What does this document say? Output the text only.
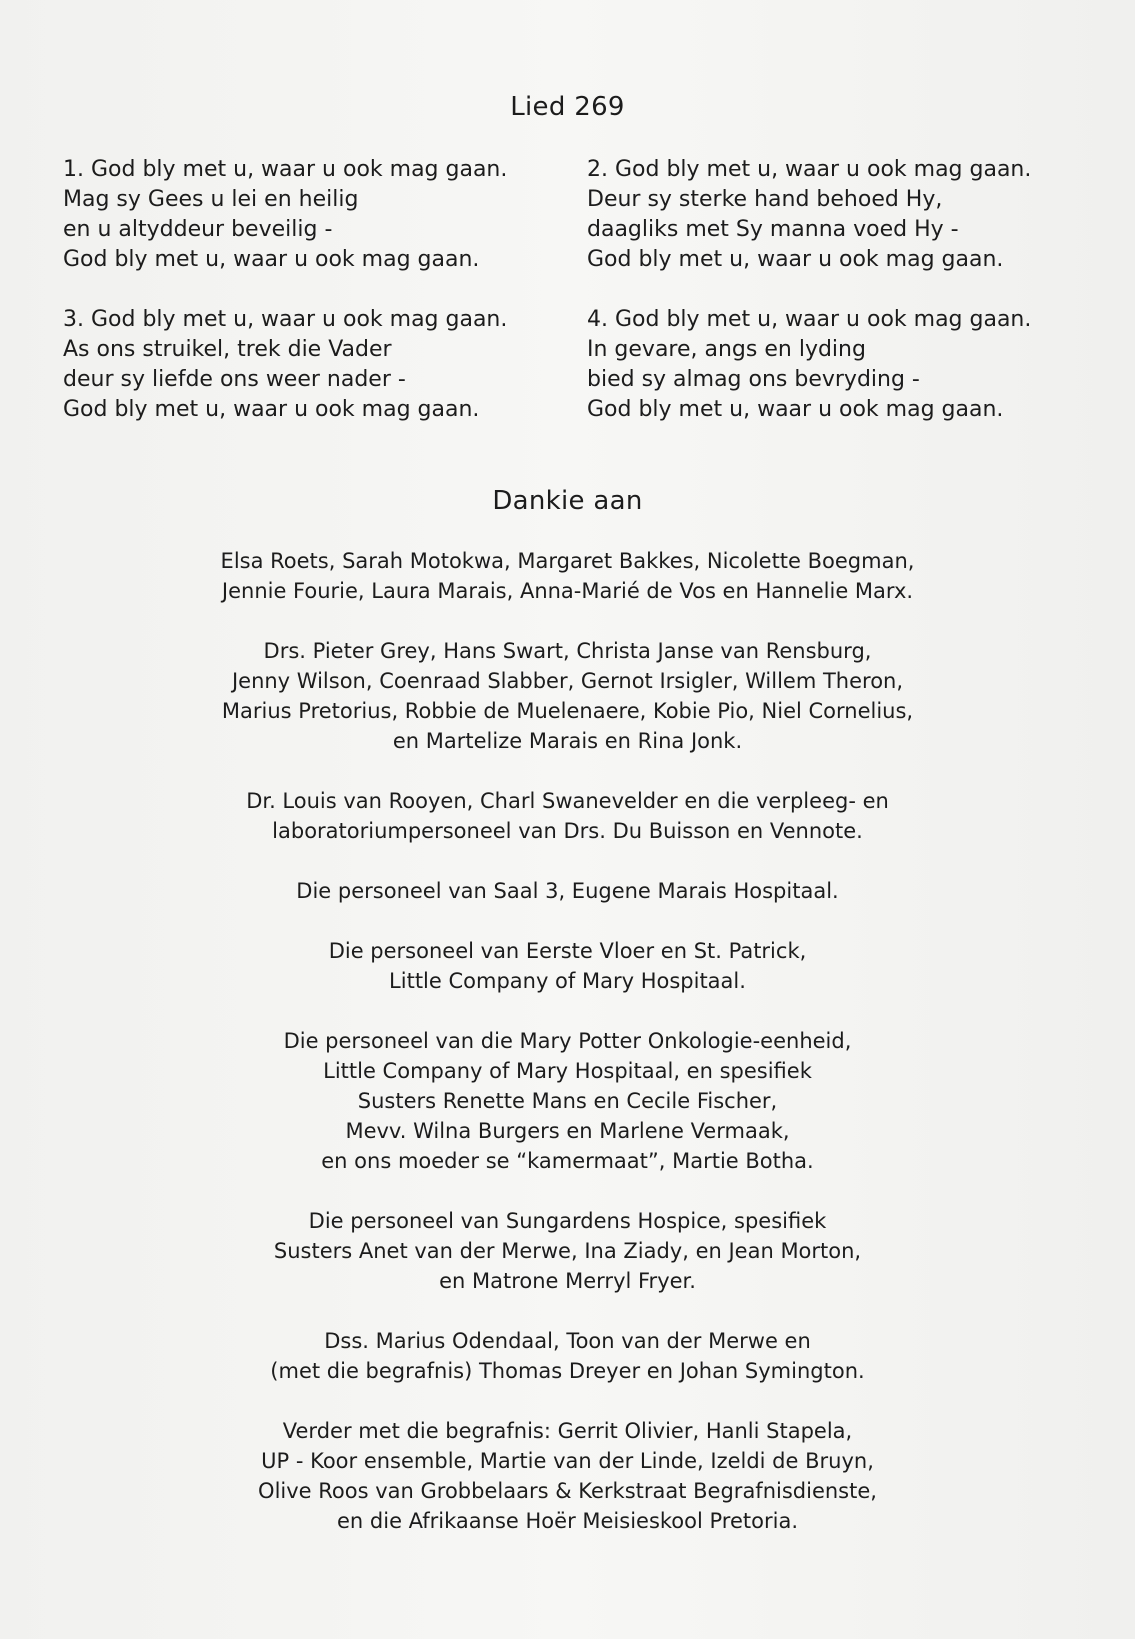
Lied 269
1. God bly met u, waar u ook mag gaan.
Mag sy Gees u lei en heilig
en u altyddeur beveilig -
God bly met u, waar u ook mag gaan.
2. God bly met u, waar u ook mag gaan.
Deur sy sterke hand behoed Hy,
daagliks met Sy manna voed Hy -
God bly met u, waar u ook mag gaan.
3. God bly met u, waar u ook mag gaan.
As ons struikel, trek die Vader
deur sy liefde ons weer nader -
God bly met u, waar u ook mag gaan.
4. God bly met u, waar u ook mag gaan.
In gevare, angs en lyding
bied sy almag ons bevryding -
God bly met u, waar u ook mag gaan.
Dankie aan
Elsa Roets, Sarah Motokwa, Margaret Bakkes, Nicolette Boegman,
Jennie Fourie, Laura Marais, Anna-Marié de Vos en Hannelie Marx.
Drs. Pieter Grey, Hans Swart, Christa Janse van Rensburg,
Jenny Wilson, Coenraad Slabber, Gernot Irsigler, Willem Theron,
Marius Pretorius, Robbie de Muelenaere, Kobie Pio, Niel Cornelius,
en Martelize Marais en Rina Jonk.
Dr. Louis van Rooyen, Charl Swanevelder en die verpleeg- en
laboratoriumpersoneel van Drs. Du Buisson en Vennote.
Die personeel van Saal 3, Eugene Marais Hospitaal.
Die personeel van Eerste Vloer en St. Patrick,
Little Company of Mary Hospitaal.
Die personeel van die Mary Potter Onkologie-eenheid,
Little Company of Mary Hospitaal, en spesifiek
Susters Renette Mans en Cecile Fischer,
Mevv. Wilna Burgers en Marlene Vermaak,
en ons moeder se “kamermaat”, Martie Botha.
Die personeel van Sungardens Hospice, spesifiek
Susters Anet van der Merwe, Ina Ziady, en Jean Morton,
en Matrone Merryl Fryer.
Dss. Marius Odendaal, Toon van der Merwe en
(met die begrafnis) Thomas Dreyer en Johan Symington.
Verder met die begrafnis: Gerrit Olivier, Hanli Stapela,
UP - Koor ensemble, Martie van der Linde, Izeldi de Bruyn,
Olive Roos van Grobbelaars & Kerkstraat Begrafnisdienste,
en die Afrikaanse Hoër Meisieskool Pretoria.
